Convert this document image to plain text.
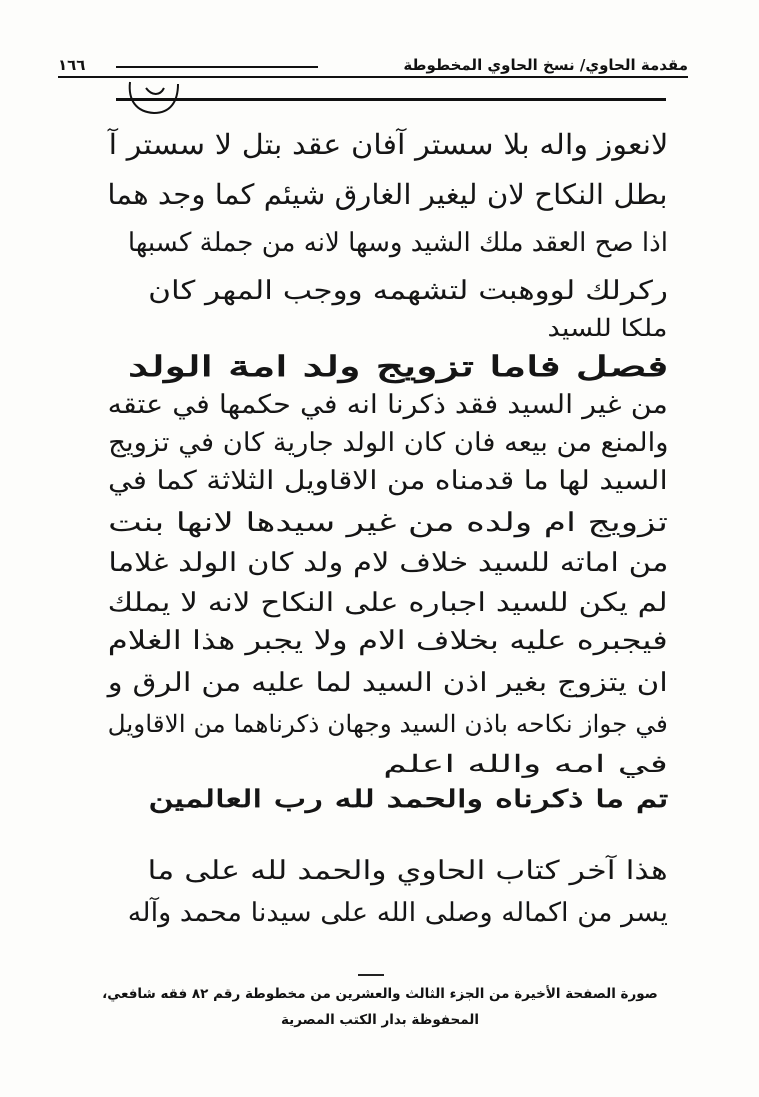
١٦٦	مقدمة الحاوي/ نسخ الحاوي المخطوطة
لانعوز واله بلا سستر آفان عقد بتل لا سستر آ
بطل النكاح لان ليغير الغارق شيئم كما وجد هما
اذا صح العقد ملك الشيد وسها لانه من جملة كسبها
ركرلك لووهبت لتشهمه ووجب المهر كان
ملكا للسيد
فصل فاما تزويج ولد امة الولد
من غير السيد فقد ذكرنا انه في حكمها في عتقه
والمنع من بيعه فان كان الولد جارية كان في تزويج
السيد لها ما قدمناه من الاقاويل الثلاثة كما في
تزويج ام ولده من غير سيدها لانها بنت
من اماته للسيد خلاف لام ولد كان الولد غلاما
لم يكن للسيد اجباره على النكاح لانه لا يملك
فيجبره عليه بخلاف الام ولا يجبر هذا الغلام
ان يتزوج بغير اذن السيد لما عليه من الرق و
في جواز نكاحه باذن السيد وجهان ذكرناهما من الاقاويل
في امه والله اعلم
تم ما ذكرناه والحمد لله رب العالمين
هذا آخر كتاب الحاوي والحمد لله على ما
يسر من اكماله وصلى الله على سيدنا محمد وآله
صورة الصفحة الأخيرة من الجزء الثالث والعشرين من مخطوطة رقم ٨٢ فقه شافعي،
المحفوظة بدار الكتب المصرية
